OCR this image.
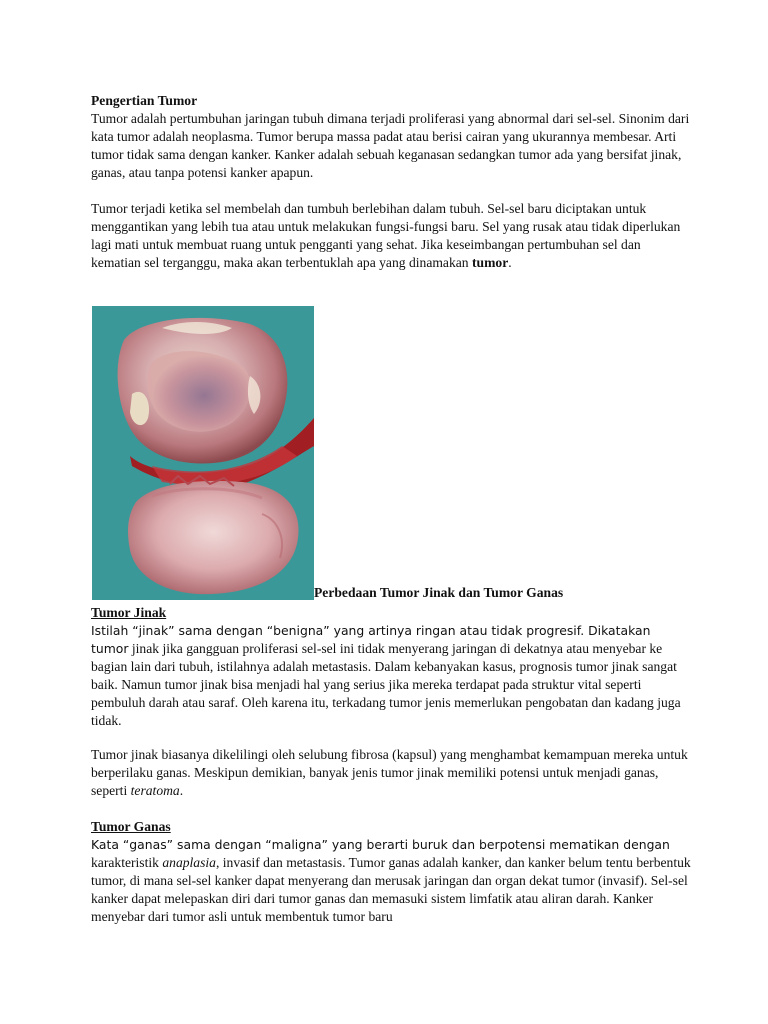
Pengertian Tumor

Tumor adalah pertumbuhan jaringan tubuh dimana terjadi proliferasi yang abnormal dari sel-sel. Sinonim dari kata tumor adalah neoplasma. Tumor berupa massa padat atau berisi cairan yang ukurannya membesar. Arti tumor tidak sama dengan kanker. Kanker adalah sebuah keganasan sedangkan tumor ada yang bersifat jinak, ganas, atau tanpa potensi kanker apapun.

Tumor terjadi ketika sel membelah dan tumbuh berlebihan dalam tubuh. Sel-sel baru diciptakan untuk menggantikan yang lebih tua atau untuk melakukan fungsi-fungsi baru. Sel yang rusak atau tidak diperlukan lagi mati untuk membuat ruang untuk pengganti yang sehat. Jika keseimbangan pertumbuhan sel dan kematian sel terganggu, maka akan terbentuklah apa yang dinamakan tumor.

Perbedaan Tumor Jinak dan Tumor Ganas
Tumor Jinak

Istilah “jinak” sama dengan “benigna” yang artinya ringan atau tidak progresif. Dikatakan tumor jinak jika gangguan proliferasi sel-sel ini tidak menyerang jaringan di dekatnya atau menyebar ke bagian lain dari tubuh, istilahnya adalah metastasis. Dalam kebanyakan kasus, prognosis tumor jinak sangat baik. Namun tumor jinak bisa menjadi hal yang serius jika mereka terdapat pada struktur vital seperti pembuluh darah atau saraf. Oleh karena itu, terkadang tumor jenis memerlukan pengobatan dan kadang juga tidak.

Tumor jinak biasanya dikelilingi oleh selubung fibrosa (kapsul) yang menghambat kemampuan mereka untuk berperilaku ganas. Meskipun demikian, banyak jenis tumor jinak memiliki potensi untuk menjadi ganas, seperti teratoma.

Tumor Ganas

Kata “ganas” sama dengan “maligna” yang berarti buruk dan berpotensi mematikan dengan karakteristik anaplasia, invasif dan metastasis. Tumor ganas adalah kanker, dan kanker belum tentu berbentuk tumor, di mana sel-sel kanker dapat menyerang dan merusak jaringan dan organ dekat tumor (invasif). Sel-sel kanker dapat melepaskan diri dari tumor ganas dan memasuki sistem limfatik atau aliran darah. Kanker menyebar dari tumor asli untuk membentuk tumor baru
